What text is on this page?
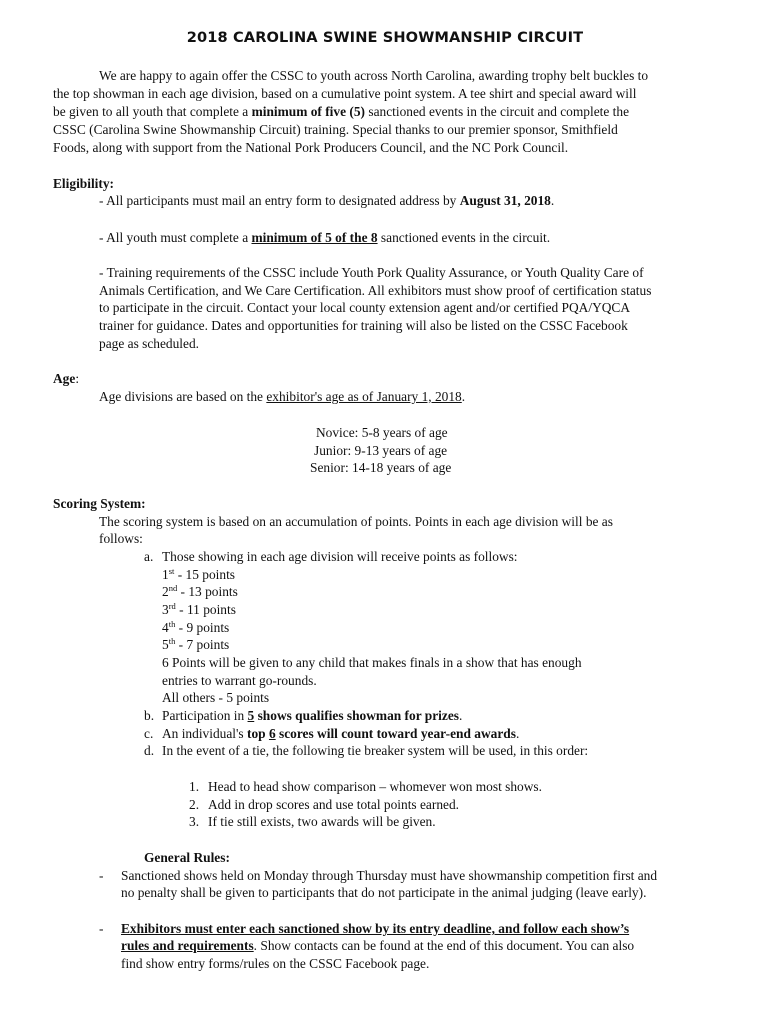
2018 CAROLINA SWINE SHOWMANSHIP CIRCUIT
We are happy to again offer the CSSC to youth across North Carolina, awarding trophy belt buckles to
the top showman in each age division, based on a cumulative point system. A tee shirt and special award will
be given to all youth that complete a minimum of five (5) sanctioned events in the circuit and complete the
CSSC (Carolina Swine Showmanship Circuit) training. Special thanks to our premier sponsor, Smithfield
Foods, along with support from the National Pork Producers Council, and the NC Pork Council.
Eligibility:
- All participants must mail an entry form to designated address by August 31, 2018.
- All youth must complete a minimum of 5 of the 8 sanctioned events in the circuit.
- Training requirements of the CSSC include Youth Pork Quality Assurance, or Youth Quality Care of
Animals Certification, and We Care Certification. All exhibitors must show proof of certification status
to participate in the circuit. Contact your local county extension agent and/or certified PQA/YQCA
trainer for guidance. Dates and opportunities for training will also be listed on the CSSC Facebook
page as scheduled.
Age:
Age divisions are based on the exhibitor's age as of January 1, 2018.
Novice: 5-8 years of age
Junior: 9-13 years of age
Senior: 14-18 years of age
Scoring System:
The scoring system is based on an accumulation of points. Points in each age division will be as
follows:
a. Those showing in each age division will receive points as follows:
1st - 15 points
2nd - 13 points
3rd - 11 points
4th - 9 points
5th - 7 points
6 Points will be given to any child that makes finals in a show that has enough
entries to warrant go-rounds.
All others - 5 points
b. Participation in 5 shows qualifies showman for prizes.
c. An individual's top 6 scores will count toward year-end awards.
d. In the event of a tie, the following tie breaker system will be used, in this order:
1. Head to head show comparison – whomever won most shows.
2. Add in drop scores and use total points earned.
3. If tie still exists, two awards will be given.
General Rules:
- Sanctioned shows held on Monday through Thursday must have showmanship competition first and
no penalty shall be given to participants that do not participate in the animal judging (leave early).
- Exhibitors must enter each sanctioned show by its entry deadline, and follow each show’s
rules and requirements. Show contacts can be found at the end of this document. You can also
find show entry forms/rules on the CSSC Facebook page.
